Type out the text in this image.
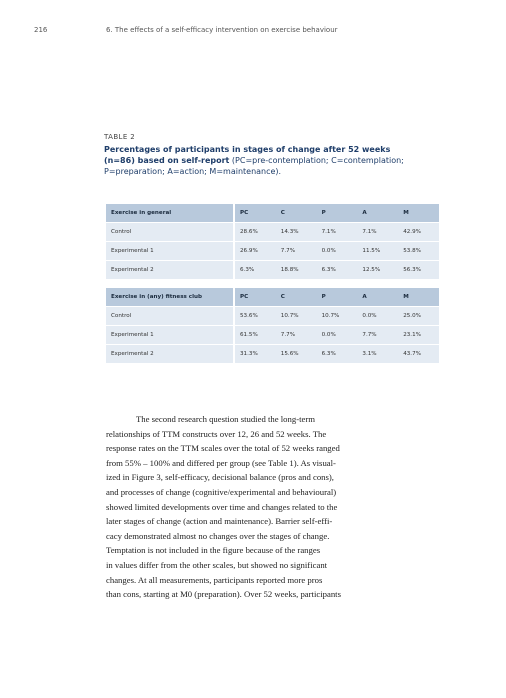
216	6. The effects of a self-efficacy intervention on exercise behaviour
TABLE 2
Percentages of participants in stages of change after 52 weeks (n=86) based on self-report (PC=pre-contemplation; C=contemplation; P=preparation; A=action; M=maintenance).
Exercise in general		PC	C	P	A	M
Control		28.6%	14.3%	7.1%	7.1%	42.9%
Experimental 1		26.9%	7.7%	0.0%	11.5%	53.8%
Experimental 2		6.3%	18.8%	6.3%	12.5%	56.3%
Exercise in (any) fitness club		PC	C	P	A	M
Control		53.6%	10.7%	10.7%	0.0%	25.0%
Experimental 1		61.5%	7.7%	0.0%	7.7%	23.1%
Experimental 2		31.3%	15.6%	6.3%	3.1%	43.7%
The second research question studied the long-term
relationships of TTM constructs over 12, 26 and 52 weeks. The
response rates on the TTM scales over the total of 52 weeks ranged
from 55% – 100% and differed per group (see Table 1). As visual-
ized in Figure 3, self-efficacy, decisional balance (pros and cons),
and processes of change (cognitive/experimental and behavioural)
showed limited developments over time and changes related to the
later stages of change (action and maintenance). Barrier self-effi-
cacy demonstrated almost no changes over the stages of change.
Temptation is not included in the figure because of the ranges
in values differ from the other scales, but showed no significant
changes. At all measurements, participants reported more pros
than cons, starting at M0 (preparation). Over 52 weeks, participants
